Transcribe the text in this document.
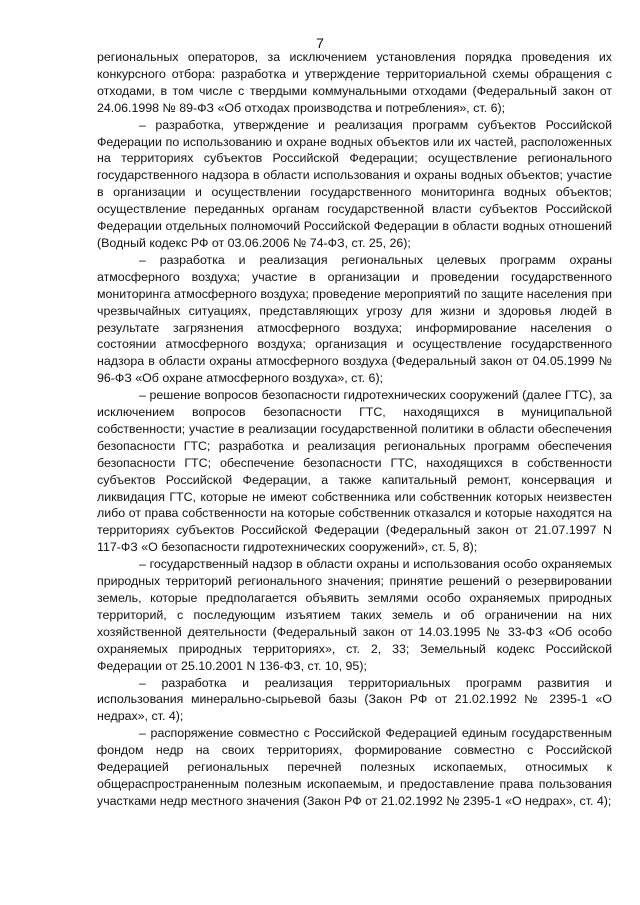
7

региональных операторов, за исключением установления порядка проведения их конкурсного отбора: разработка и утверждение территориальной схемы обращения с отходами, в том числе с твердыми коммунальными отходами (Федеральный закон от 24.06.1998 № 89-ФЗ «Об отходах производства и потребления», ст. 6);

– разработка, утверждение и реализация программ субъектов Российской Федерации по использованию и охране водных объектов или их частей, расположенных на территориях субъектов Российской Федерации; осуществление регионального государственного надзора в области использования и охраны водных объектов; участие в организации и осуществлении государственного мониторинга водных объектов; осуществление переданных органам государственной власти субъектов Российской Федерации отдельных полномочий Российской Федерации в области водных отношений (Водный кодекс РФ от 03.06.2006 № 74-ФЗ, ст. 25, 26);

– разработка и реализация региональных целевых программ охраны атмосферного воздуха; участие в организации и проведении государственного мониторинга атмосферного воздуха; проведение мероприятий по защите населения при чрезвычайных ситуациях, представляющих угрозу для жизни и здоровья людей в результате загрязнения атмосферного воздуха; информирование населения о состоянии атмосферного воздуха; организация и осуществление государственного надзора в области охраны атмосферного воздуха (Федеральный закон от 04.05.1999 № 96-ФЗ «Об охране атмосферного воздуха», ст. 6);

– решение вопросов безопасности гидротехнических сооружений (далее ГТС), за исключением вопросов безопасности ГТС, находящихся в муниципальной собственности; участие в реализации государственной политики в области обеспечения безопасности ГТС; разработка и реализация региональных программ обеспечения безопасности ГТС; обеспечение безопасности ГТС, находящихся в собственности субъектов Российской Федерации, а также капитальный ремонт, консервация и ликвидация ГТС, которые не имеют собственника или собственник которых неизвестен либо от права собственности на которые собственник отказался и которые находятся на территориях субъектов Российской Федерации (Федеральный закон от 21.07.1997 N 117-ФЗ «О безопасности гидротехнических сооружений», ст. 5, 8);

– государственный надзор в области охраны и использования особо охраняемых природных территорий регионального значения; принятие решений о резервировании земель, которые предполагается объявить землями особо охраняемых природных территорий, с последующим изъятием таких земель и об ограничении на них хозяйственной деятельности (Федеральный закон от 14.03.1995 № 33-ФЗ «Об особо охраняемых природных территориях», ст. 2, 33; Земельный кодекс Российской Федерации от 25.10.2001 N 136-ФЗ, ст. 10, 95);

– разработка и реализация территориальных программ развития и использования минерально-сырьевой базы (Закон РФ от 21.02.1992 № 2395-1 «О недрах», ст. 4);

– распоряжение совместно с Российской Федерацией единым государственным фондом недр на своих территориях, формирование совместно с Российской Федерацией региональных перечней полезных ископаемых, относимых к общераспространенным полезным ископаемым, и предоставление права пользования участками недр местного значения (Закон РФ от 21.02.1992 № 2395-1 «О недрах», ст. 4);
